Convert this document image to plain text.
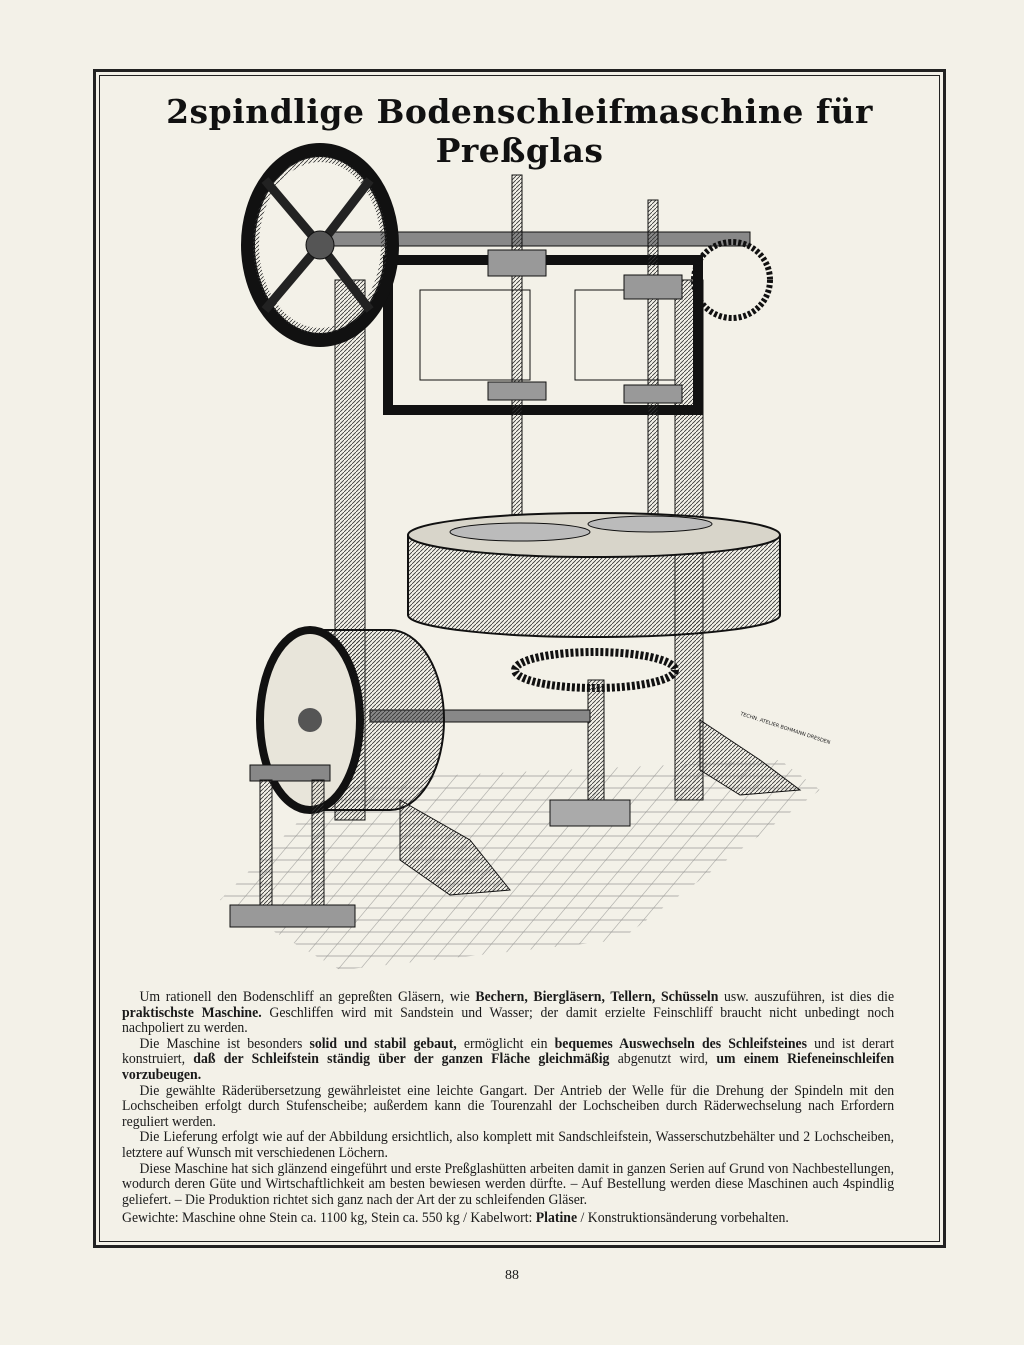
2spindlige Bodenschleifmaschine für Preßglas
TECHN. ATELIER BOHMANN DRESDEN

Um rationell den Bodenschliff an gepreßten Gläsern, wie Bechern, Biergläsern, Tellern, Schüsseln usw. auszuführen, ist dies die praktischste Maschine. Geschliffen wird mit Sandstein und Wasser; der damit erzielte Feinschliff braucht nicht unbedingt noch nachpoliert zu werden.

Die Maschine ist besonders solid und stabil gebaut, ermöglicht ein bequemes Auswechseln des Schleifsteines und ist derart konstruiert, daß der Schleifstein ständig über der ganzen Fläche gleichmäßig abgenutzt wird, um einem Riefeneinschleifen vorzubeugen.

Die gewählte Räderübersetzung gewährleistet eine leichte Gangart. Der Antrieb der Welle für die Drehung der Spindeln mit den Lochscheiben erfolgt durch Stufenscheibe; außerdem kann die Tourenzahl der Lochscheiben durch Räderwechselung nach Erfordern reguliert werden.

Die Lieferung erfolgt wie auf der Abbildung ersichtlich, also komplett mit Sandschleifstein, Wasserschutzbehälter und 2 Lochscheiben, letztere auf Wunsch mit verschiedenen Löchern.

Diese Maschine hat sich glänzend eingeführt und erste Preßglashütten arbeiten damit in ganzen Serien auf Grund von Nachbestellungen, wodurch deren Güte und Wirtschaftlichkeit am besten bewiesen werden dürfte. – Auf Bestellung werden diese Maschinen auch 4spindlig geliefert. – Die Produktion richtet sich ganz nach der Art der zu schleifenden Gläser.

Gewichte: Maschine ohne Stein ca. 1100 kg, Stein ca. 550 kg / Kabelwort: Platine / Konstruktionsänderung vorbehalten.

88
